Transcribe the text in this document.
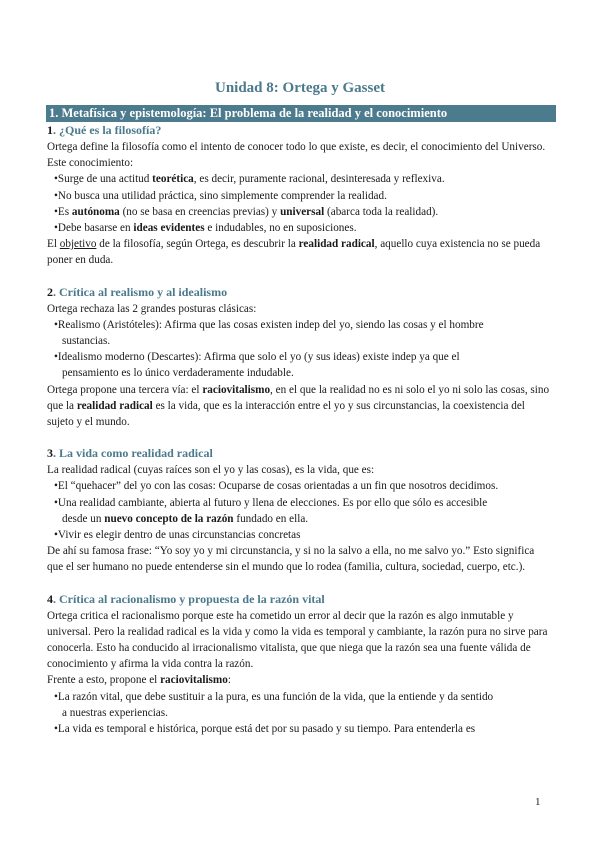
Unidad 8: Ortega y Gasset
1. Metafísica y epistemología: El problema de la realidad y el conocimiento
1. ¿Qué es la filosofía?

Ortega define la filosofía como el intento de conocer todo lo que existe, es decir, el conocimiento del Universo. Este conocimiento:

•Surge de una actitud teorética, es decir, puramente racional, desinteresada y reflexiva.

•No busca una utilidad práctica, sino simplemente comprender la realidad.

•Es autónoma (no se basa en creencias previas) y universal (abarca toda la realidad).

•Debe basarse en ideas evidentes e indudables, no en suposiciones.

El objetivo de la filosofía, según Ortega, es descubrir la realidad radical, aquello cuya existencia no se pueda poner en duda.

2. Crítica al realismo y al idealismo

Ortega rechaza las 2 grandes posturas clásicas:

•Realismo (Aristóteles): Afirma que las cosas existen indep del yo, siendo las cosas y el hombre

sustancias.

•Idealismo moderno (Descartes): Afirma que solo el yo (y sus ideas) existe indep ya que el

pensamiento es lo único verdaderamente indudable.

Ortega propone una tercera vía: el raciovitalismo, en el que la realidad no es ni solo el yo ni solo las cosas, sino que la realidad radical es la vida, que es la interacción entre el yo y sus circunstancias, la coexistencia del sujeto y el mundo.

3. La vida como realidad radical

La realidad radical (cuyas raíces son el yo y las cosas), es la vida, que es:

•El “quehacer” del yo con las cosas: Ocuparse de cosas orientadas a un fin que nosotros decidimos.

•Una realidad cambiante, abierta al futuro y llena de elecciones. Es por ello que sólo es accesible

desde un nuevo concepto de la razón fundado en ella.

•Vivir es elegir dentro de unas circunstancias concretas

De ahí su famosa frase: “Yo soy yo y mi circunstancia, y si no la salvo a ella, no me salvo yo.” Esto significa que el ser humano no puede entenderse sin el mundo que lo rodea (familia, cultura, sociedad, cuerpo, etc.).

4. Crítica al racionalismo y propuesta de la razón vital

Ortega critica el racionalismo porque este ha cometido un error al decir que la razón es algo inmutable y universal. Pero la realidad radical es la vida y como la vida es temporal y cambiante, la razón pura no sirve para conocerla. Esto ha conducido al irracionalismo vitalista, que que niega que la razón sea una fuente válida de conocimiento y afirma la vida contra la razón.

Frente a esto, propone el raciovitalismo:

•La razón vital, que debe sustituir a la pura, es una función de la vida, que la entiende y da sentido

a nuestras experiencias.

•La vida es temporal e histórica, porque está det por su pasado y su tiempo. Para entenderla es

1
